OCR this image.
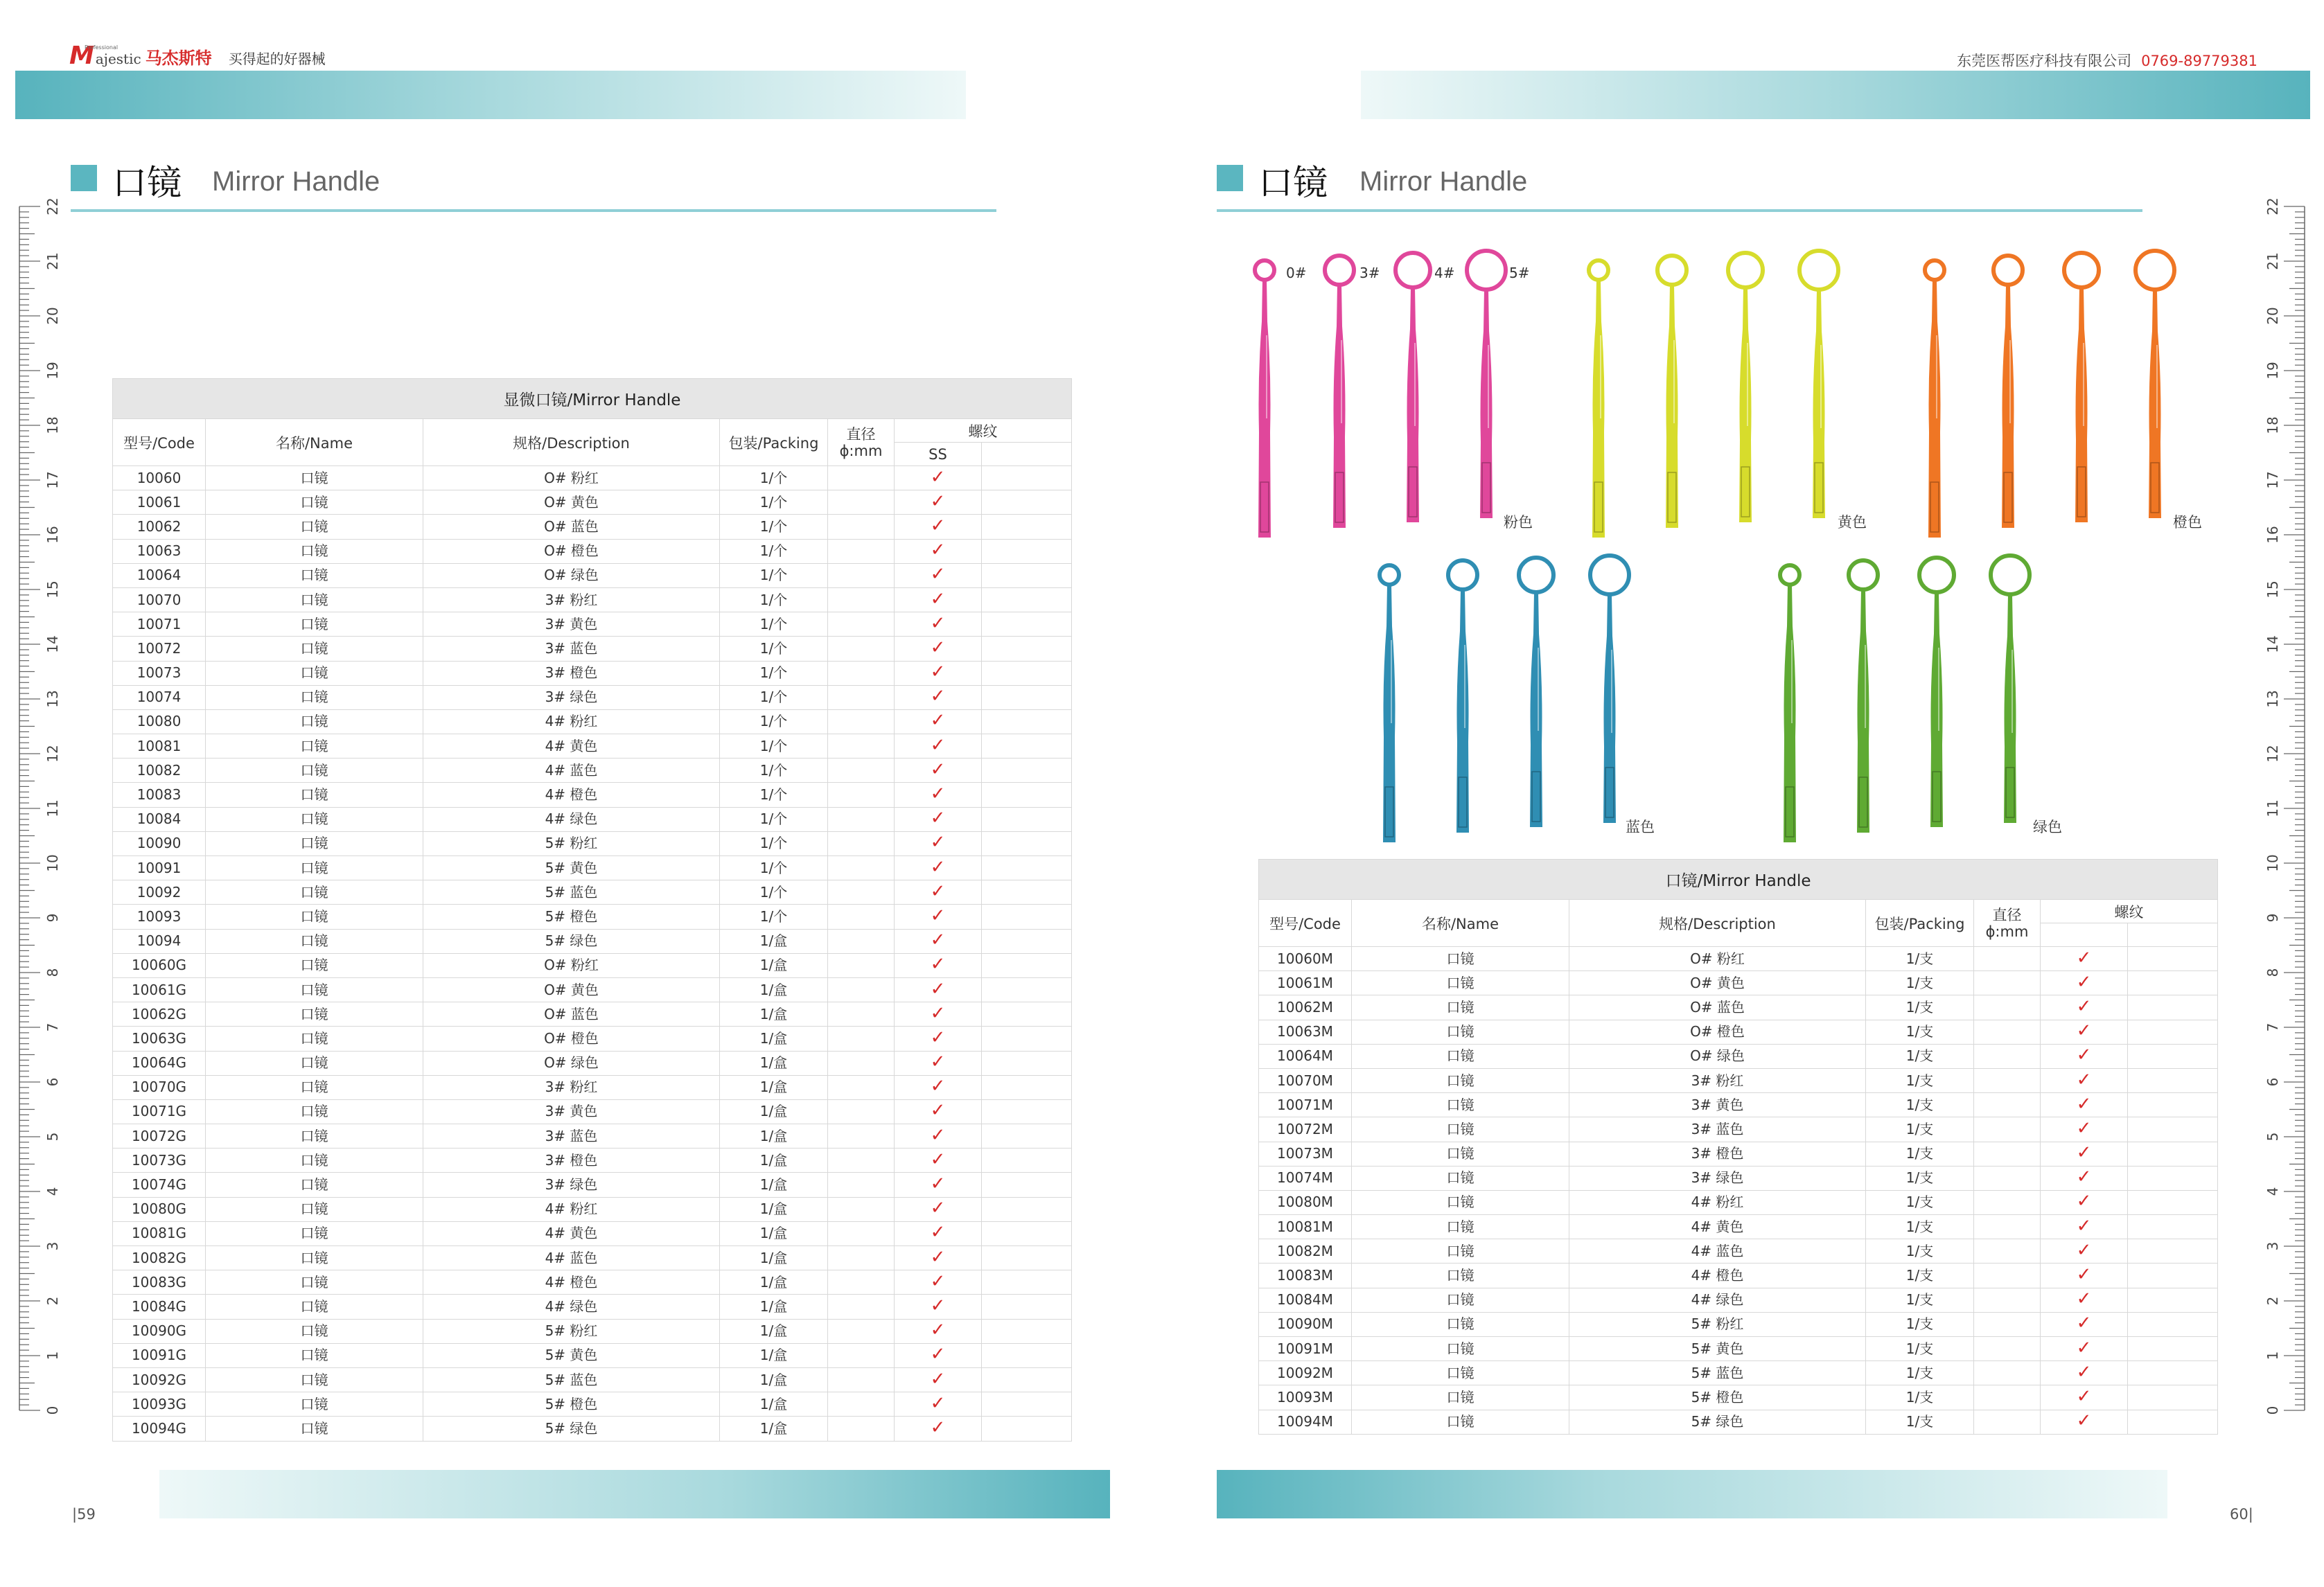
M ajestic 马杰斯特 买得起的好器械
Professional
东莞医帮医疗科技有限公司 0769-89779381
22
21
20
19
18
17
16
15
14
13
12
11
10
9
8
7
6
5
4
3
2
1
0
22
21
20
19
18
17
16
15
14
13
12
11
10
9
8
7
6
5
4
3
2
1
0
口镜 Mirror Handle	口镜 Mirror Handle
显微口镜/Mirror Handle						
型号/Code	名称/Name	规格/Description	包装/Packing	直径 ϕ:mm	螺纹	
					SS	
10060	口镜	O# 粉红	1/个		✓	
10061	口镜	O# 黄色	1/个		✓	
10062	口镜	O# 蓝色	1/个		✓	
10063	口镜	O# 橙色	1/个		✓	
10064	口镜	O# 绿色	1/个		✓	
10070	口镜	3# 粉红	1/个		✓	
10071	口镜	3# 黄色	1/个		✓	
10072	口镜	3# 蓝色	1/个		✓	
10073	口镜	3# 橙色	1/个		✓	
10074	口镜	3# 绿色	1/个		✓	
10080	口镜	4# 粉红	1/个		✓	
10081	口镜	4# 黄色	1/个		✓	
10082	口镜	4# 蓝色	1/个		✓	
10083	口镜	4# 橙色	1/个		✓	
10084	口镜	4# 绿色	1/个		✓	
10090	口镜	5# 粉红	1/个		✓	
10091	口镜	5# 黄色	1/个		✓	
10092	口镜	5# 蓝色	1/个		✓	
10093	口镜	5# 橙色	1/个		✓	
10094	口镜	5# 绿色	1/盒		✓	
10060G	口镜	O# 粉红	1/盒		✓	
10061G	口镜	O# 黄色	1/盒		✓	
10062G	口镜	O# 蓝色	1/盒		✓	
10063G	口镜	O# 橙色	1/盒		✓	
10064G	口镜	O# 绿色	1/盒		✓	
10070G	口镜	3# 粉红	1/盒		✓	
10071G	口镜	3# 黄色	1/盒		✓	
10072G	口镜	3# 蓝色	1/盒		✓	
10073G	口镜	3# 橙色	1/盒		✓	
10074G	口镜	3# 绿色	1/盒		✓	
10080G	口镜	4# 粉红	1/盒		✓	
10081G	口镜	4# 黄色	1/盒		✓	
10082G	口镜	4# 蓝色	1/盒		✓	
10083G	口镜	4# 橙色	1/盒		✓	
10084G	口镜	4# 绿色	1/盒		✓	
10090G	口镜	5# 粉红	1/盒		✓	
10091G	口镜	5# 黄色	1/盒		✓	
10092G	口镜	5# 蓝色	1/盒		✓	
10093G	口镜	5# 橙色	1/盒		✓	
10094G	口镜	5# 绿色	1/盒		✓	
0#	3#	4#	5#
粉色	黄色	橙色
蓝色	绿色
口镜/Mirror Handle						
型号/Code	名称/Name	规格/Description	包装/Packing	直径 ϕ:mm	螺纹	

10060M	口镜	O# 粉红	1/支		✓	
10061M	口镜	O# 黄色	1/支		✓	
10062M	口镜	O# 蓝色	1/支		✓	
10063M	口镜	O# 橙色	1/支		✓	
10064M	口镜	O# 绿色	1/支		✓	
10070M	口镜	3# 粉红	1/支		✓	
10071M	口镜	3# 黄色	1/支		✓	
10072M	口镜	3# 蓝色	1/支		✓	
10073M	口镜	3# 橙色	1/支		✓	
10074M	口镜	3# 绿色	1/支		✓	
10080M	口镜	4# 粉红	1/支		✓	
10081M	口镜	4# 黄色	1/支		✓	
10082M	口镜	4# 蓝色	1/支		✓	
10083M	口镜	4# 橙色	1/支		✓	
10084M	口镜	4# 绿色	1/支		✓	
10090M	口镜	5# 粉红	1/支		✓	
10091M	口镜	5# 黄色	1/支		✓	
10092M	口镜	5# 蓝色	1/支		✓	
10093M	口镜	5# 橙色	1/支		✓	
10094M	口镜	5# 绿色	1/支		✓	
|59	60|
